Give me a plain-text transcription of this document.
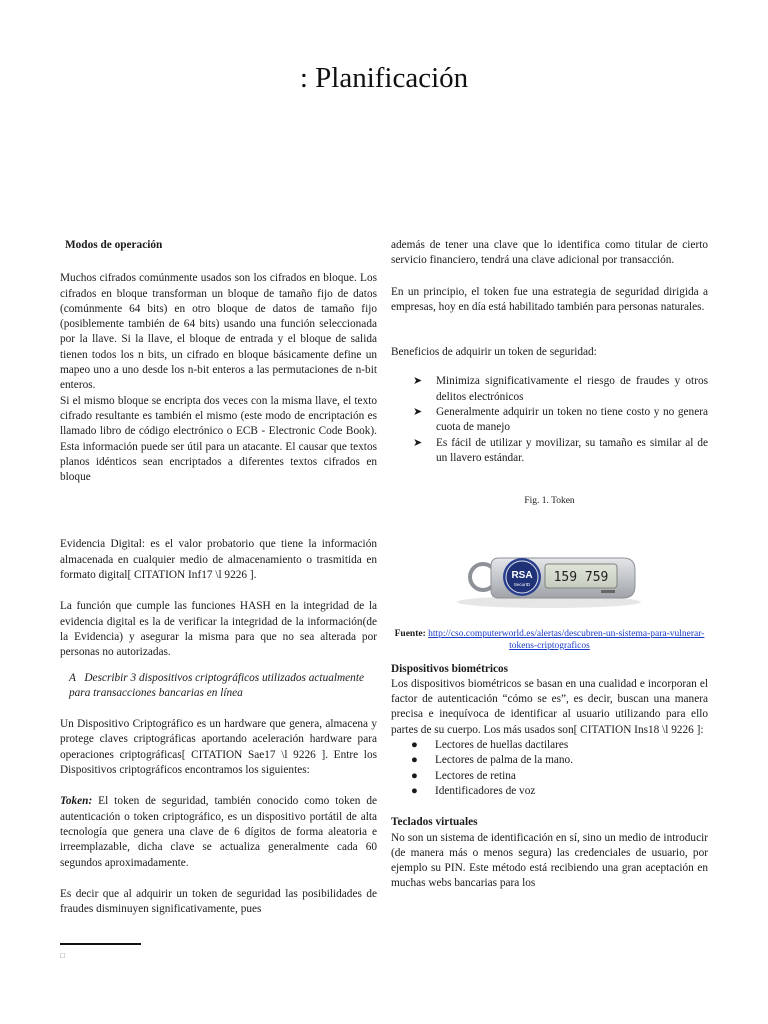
: Planificación

Modos de operación

Muchos cifrados comúnmente usados son los cifrados en bloque. Los cifrados en bloque transforman un bloque de tamaño fijo de datos (comúnmente 64 bits) en otro bloque de datos de tamaño fijo (posiblemente también de 64 bits) usando una función seleccionada por la llave. Si la llave, el bloque de entrada y el bloque de salida tienen todos los n bits, un cifrado en bloque básicamente define un mapeo uno a uno desde los n-bit enteros a las permutaciones de n-bit enteros.

Si el mismo bloque se encripta dos veces con la misma llave, el texto cifrado resultante es también el mismo (este modo de encriptación es llamado libro de código electrónico o ECB - Electronic Code Book). Esta información puede ser útil para un atacante. El causar que textos planos idénticos sean encriptados a diferentes textos cifrados en bloque

Evidencia Digital: es el valor probatorio que tiene la información almacenada en cualquier medio de almacenamiento o trasmitida en formato digital[ CITATION Inf17 \l 9226 ].

La función que cumple las funciones HASH en la integridad de la evidencia digital es la de verificar la integridad de la información(de la Evidencia) y asegurar la misma para que no sea alterada por personas no autorizadas.

A Describir 3 dispositivos criptográficos utilizados actualmente para transacciones bancarias en línea

Un Dispositivo Criptográfico es un hardware que genera, almacena y protege claves criptográficas aportando aceleración hardware para operaciones criptográficas[ CITATION Sae17 \l 9226 ]. Entre los Dispositivos criptográficos encontramos los siguientes:

Token: El token de seguridad, también conocido como token de autenticación o token criptográfico, es un dispositivo portátil de alta tecnología que genera una clave de 6 dígitos de forma aleatoria e irreemplazable, dicha clave se actualiza generalmente cada 60 segundos aproximadamente.

Es decir que al adquirir un token de seguridad las posibilidades de fraudes disminuyen significativamente, pues

□

además de tener una clave que lo identifica como titular de cierto servicio financiero, tendrá una clave adicional por transacción.

En un principio, el token fue una estrategia de seguridad dirigida a empresas, hoy en día está habilitado también para personas naturales.

Beneficios de adquirir un token de seguridad:

➤ Minimiza significativamente el riesgo de fraudes y otros delitos electrónicos
➤ Generalmente adquirir un token no tiene costo y no genera cuota de manejo
➤ Es fácil de utilizar y movilizar, su tamaño es similar al de un llavero estándar.

Fig. 1. Token

RSA
SecurID 159 759

Fuente: http://cso.computerworld.es/alertas/descubren-un-sistema-para-vulnerar-tokens-criptograficos

Dispositivos biométricos

Los dispositivos biométricos se basan en una cualidad e incorporan el factor de autenticación “cómo se es”, es decir, buscan una manera precisa e inequívoca de identificar al usuario utilizando para ello partes de su cuerpo. Los más usados son[ CITATION Ins18 \l 9226 ]:

● Lectores de huellas dactilares
● Lectores de palma de la mano.
● Lectores de retina
● Identificadores de voz

Teclados virtuales

No son un sistema de identificación en sí, sino un medio de introducir (de manera más o menos segura) las credenciales de usuario, por ejemplo su PIN. Este método está recibiendo una gran aceptación en muchas webs bancarias para los
